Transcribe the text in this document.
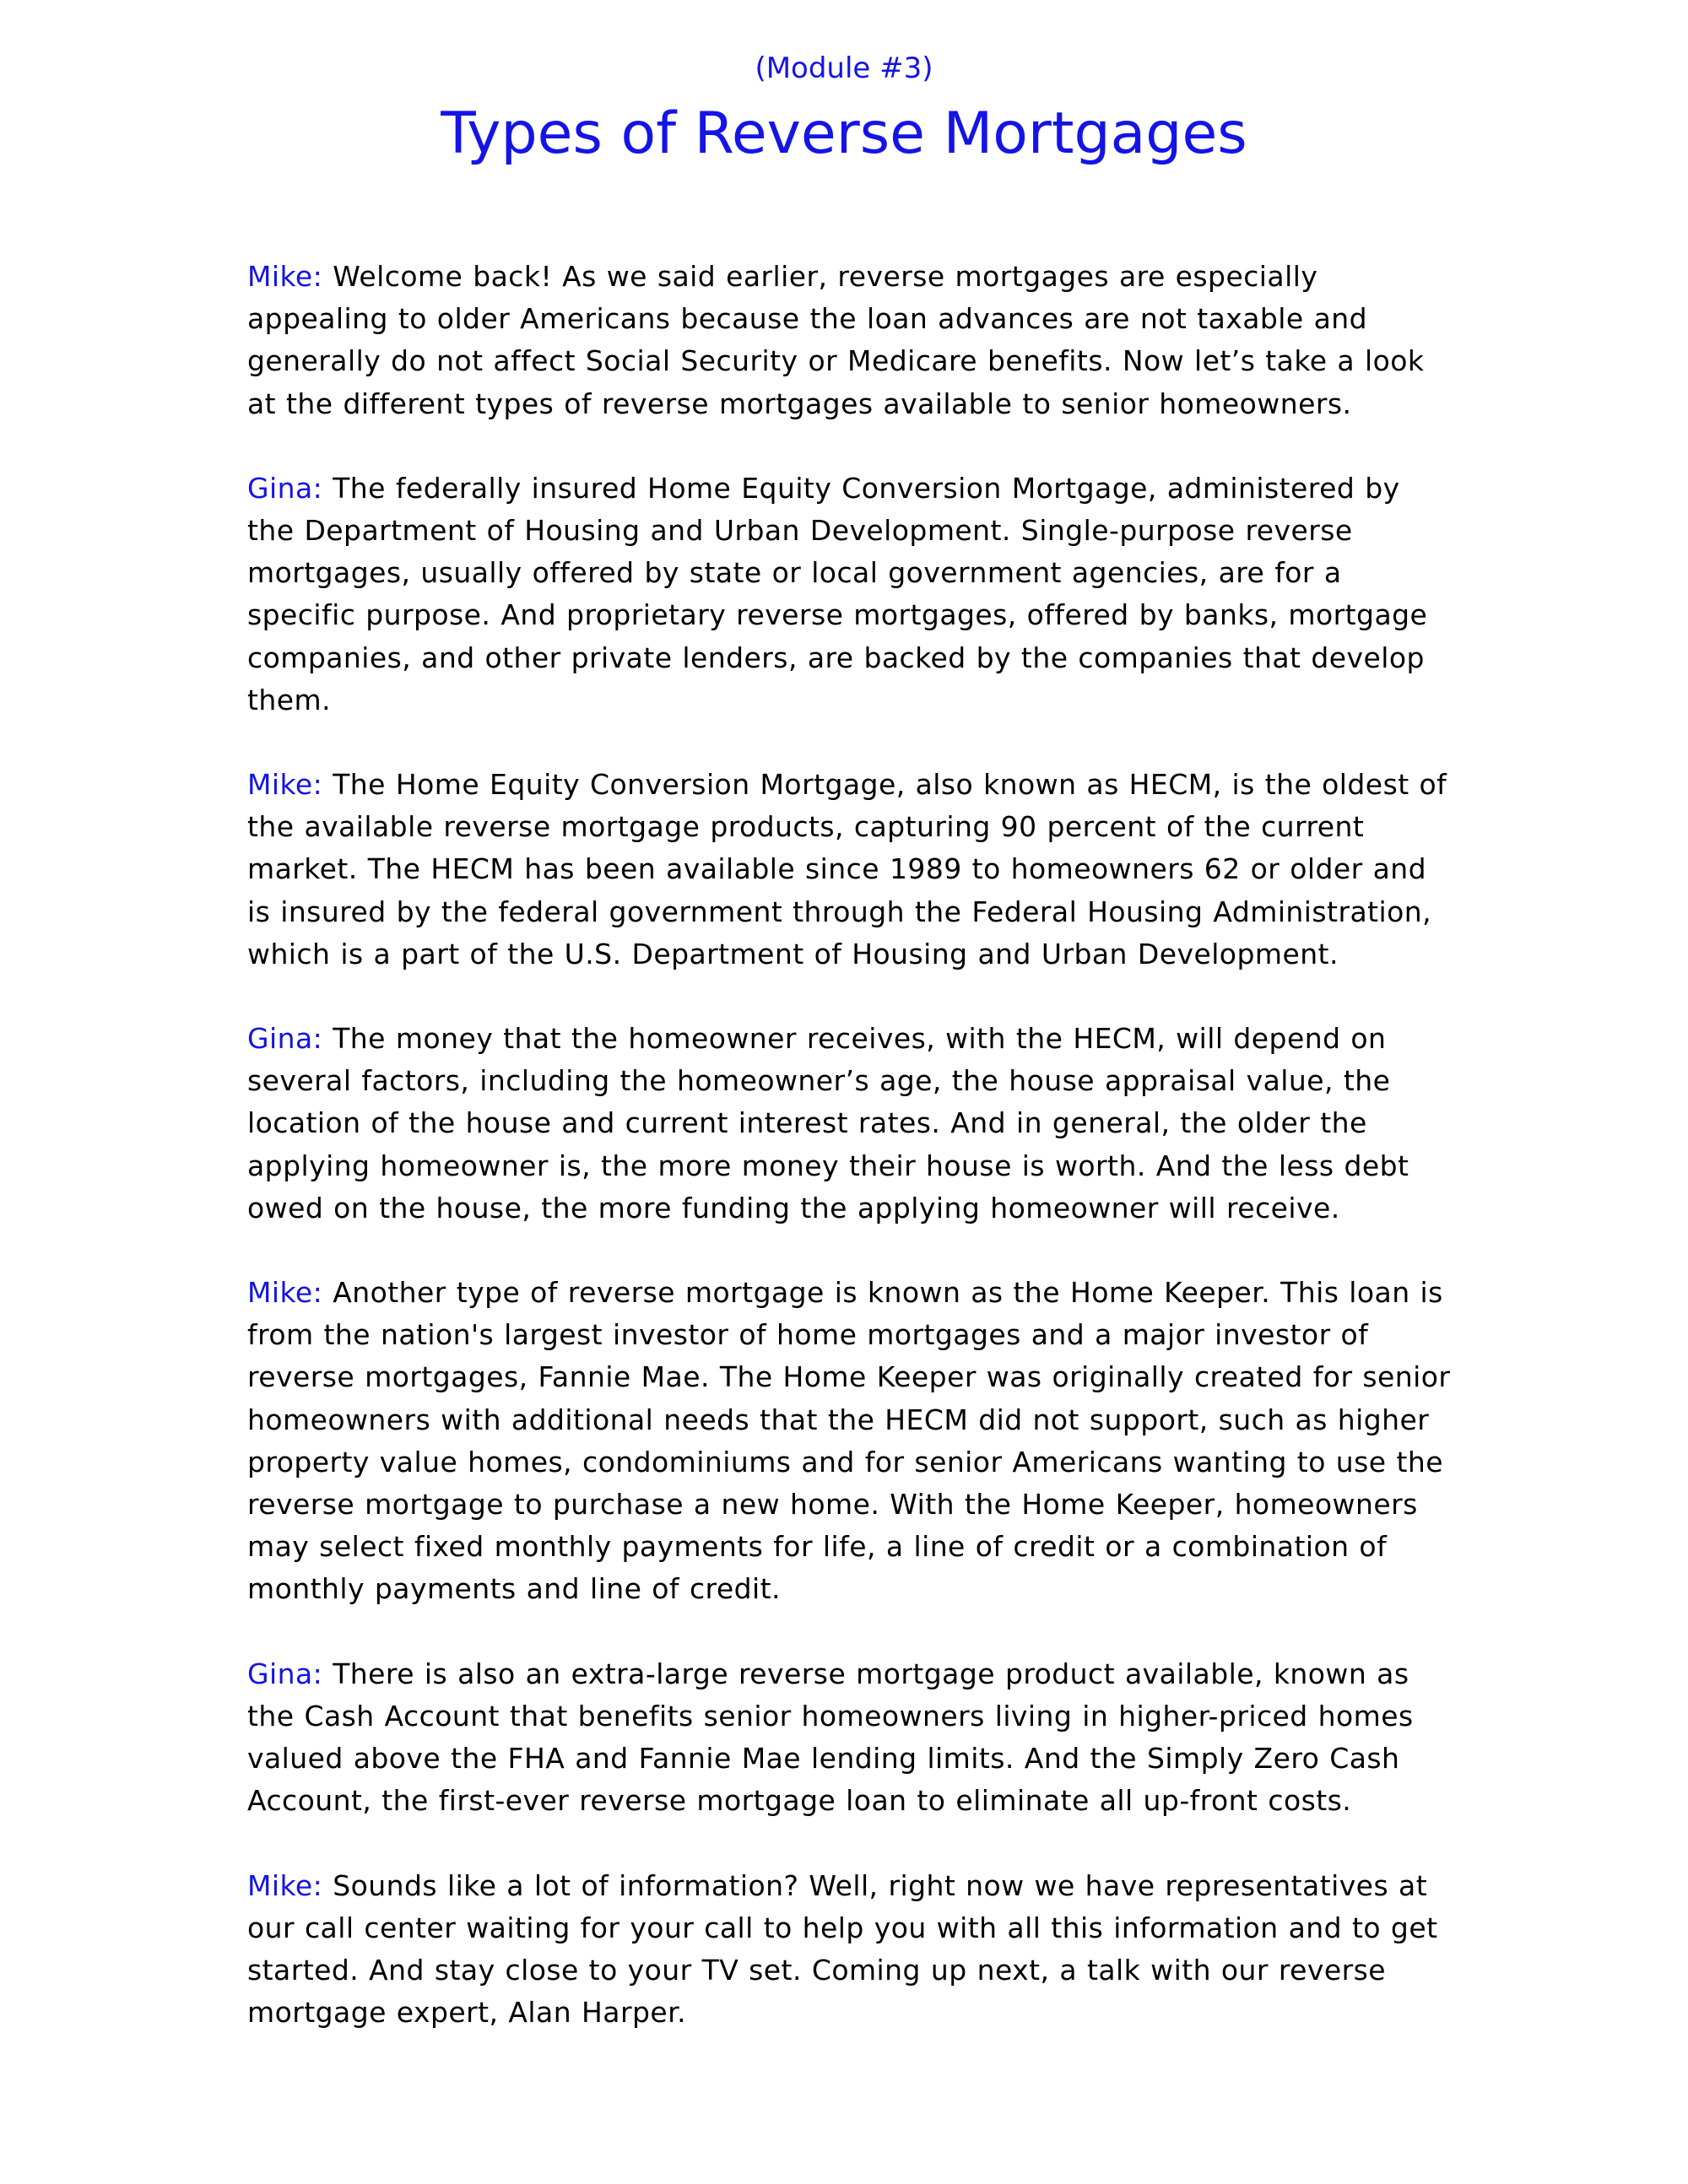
(Module #3)
Types of Reverse Mortgages

Mike: Welcome back! As we said earlier, reverse mortgages are especially appealing to older Americans because the loan advances are not taxable and generally do not affect Social Security or Medicare benefits. Now let’s take a look at the different types of reverse mortgages available to senior homeowners.

Gina: The federally insured Home Equity Conversion Mortgage, administered by the Department of Housing and Urban Development. Single-purpose reverse mortgages, usually offered by state or local government agencies, are for a specific purpose. And proprietary reverse mortgages, offered by banks, mortgage companies, and other private lenders, are backed by the companies that develop them.

Mike: The Home Equity Conversion Mortgage, also known as HECM, is the oldest of the available reverse mortgage products, capturing 90 percent of the current market. The HECM has been available since 1989 to homeowners 62 or older and is insured by the federal government through the Federal Housing Administration, which is a part of the U.S. Department of Housing and Urban Development.

Gina: The money that the homeowner receives, with the HECM, will depend on several factors, including the homeowner’s age, the house appraisal value, the location of the house and current interest rates. And in general, the older the applying homeowner is, the more money their house is worth. And the less debt owed on the house, the more funding the applying homeowner will receive.

Mike: Another type of reverse mortgage is known as the Home Keeper. This loan is from the nation's largest investor of home mortgages and a major investor of reverse mortgages, Fannie Mae. The Home Keeper was originally created for senior homeowners with additional needs that the HECM did not support, such as higher property value homes, condominiums and for senior Americans wanting to use the reverse mortgage to purchase a new home. With the Home Keeper, homeowners may select fixed monthly payments for life, a line of credit or a combination of monthly payments and line of credit.

Gina: There is also an extra-large reverse mortgage product available, known as the Cash Account that benefits senior homeowners living in higher-priced homes valued above the FHA and Fannie Mae lending limits. And the Simply Zero Cash Account, the first-ever reverse mortgage loan to eliminate all up-front costs.

Mike: Sounds like a lot of information? Well, right now we have representatives at our call center waiting for your call to help you with all this information and to get started. And stay close to your TV set. Coming up next, a talk with our reverse mortgage expert, Alan Harper.
